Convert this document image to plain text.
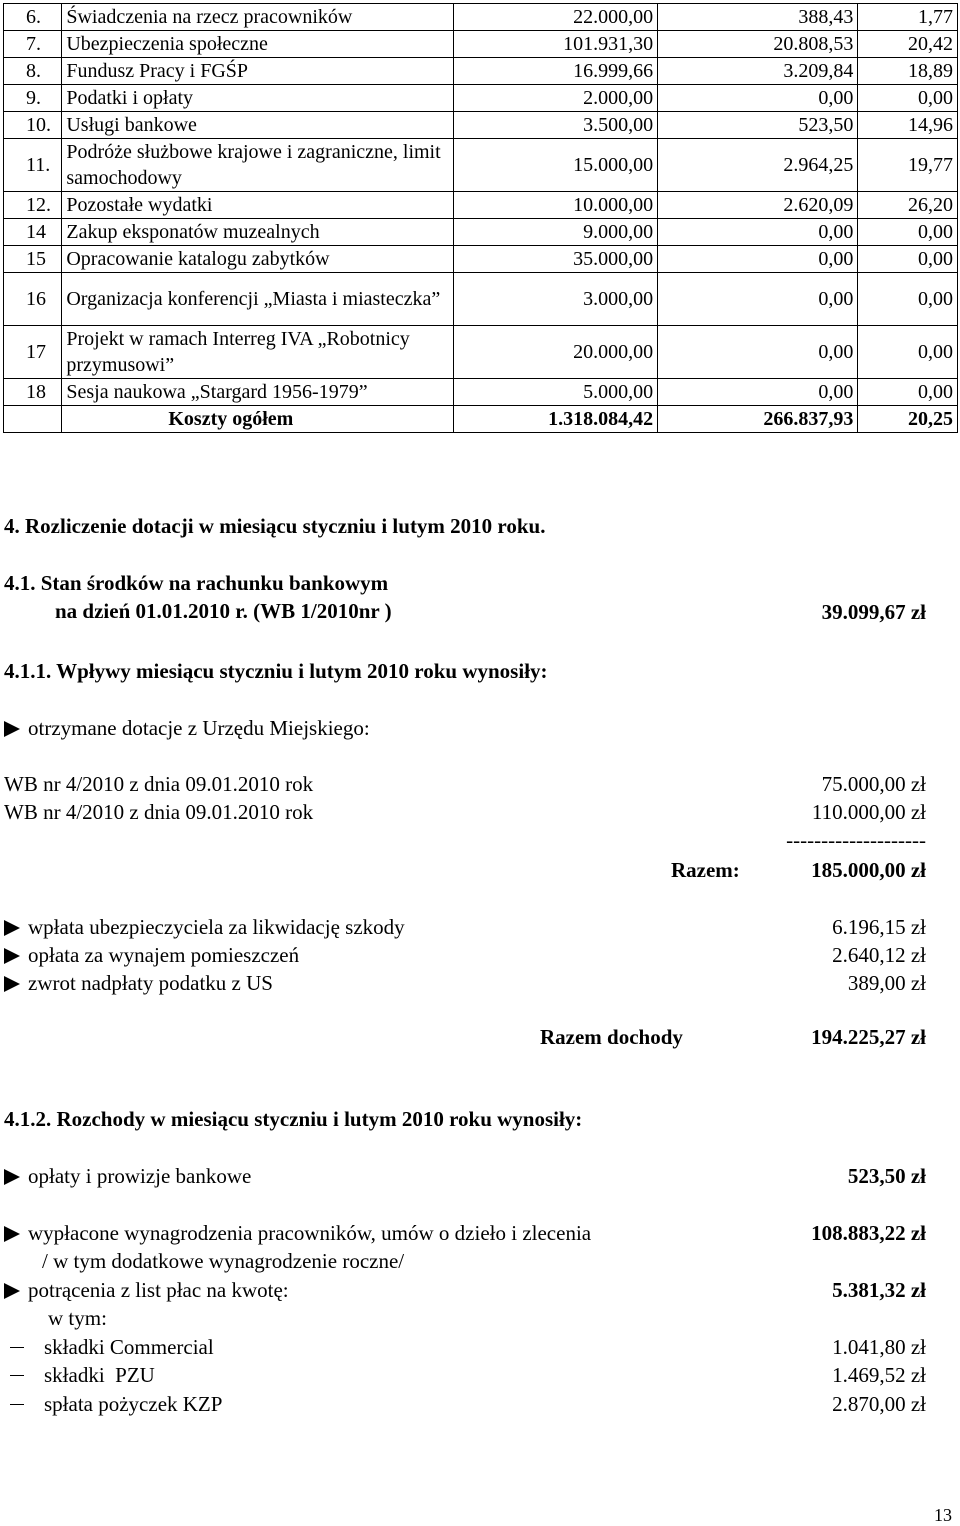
6.	Świadczenia na rzecz pracowników	22.000,00	388,43	1,77
7.	Ubezpieczenia społeczne	101.931,30	20.808,53	20,42
8.	Fundusz Pracy i FGŚP	16.999,66	3.209,84	18,89
9.	Podatki i opłaty	2.000,00	0,00	0,00
10.	Usługi bankowe	3.500,00	523,50	14,96
11.	Podróże służbowe krajowe i zagraniczne, limit samochodowy	15.000,00	2.964,25	19,77
12.	Pozostałe wydatki	10.000,00	2.620,09	26,20
14	Zakup eksponatów muzealnych	9.000,00	0,00	0,00
15	Opracowanie katalogu zabytków	35.000,00	0,00	0,00
16	Organizacja konferencji „Miasta i miasteczka”	3.000,00	0,00	0,00
17	Projekt w ramach Interreg IVA „Robotnicy przymusowi”	20.000,00	0,00	0,00
18	Sesja naukowa „Stargard 1956-1979”	5.000,00	0,00	0,00
	Koszty ogółem	1.318.084,42	266.837,93	20,25
4. Rozliczenie dotacji w miesiącu styczniu i lutym 2010 roku.
4.1. Stan środków na rachunku bankowym
na dzień 01.01.2010 r. (WB 1/2010nr )	39.099,67 zł
4.1.1. Wpływy miesiącu styczniu i lutym 2010 roku wynosiły:
otrzymane dotacje z Urzędu Miejskiego:
WB nr 4/2010 z dnia 09.01.2010 rok	75.000,00 zł
WB nr 4/2010 z dnia 09.01.2010 rok	110.000,00 zł
--------------------
Razem:	185.000,00 zł
wpłata ubezpieczyciela za likwidację szkody	6.196,15 zł
opłata za wynajem pomieszczeń	2.640,12 zł
zwrot nadpłaty podatku z US	389,00 zł
Razem dochody	194.225,27 zł
4.1.2. Rozchody w miesiącu styczniu i lutym 2010 roku wynosiły:
opłaty i prowizje bankowe	523,50 zł
wypłacone wynagrodzenia pracowników, umów o dzieło i zlecenia	108.883,22 zł
/ w tym dodatkowe wynagrodzenie roczne/
potrącenia z list płac na kwotę:	5.381,32 zł
w tym:
składki Commercial	1.041,80 zł
składki  PZU	1.469,52 zł
spłata pożyczek KZP	2.870,00 zł
13
